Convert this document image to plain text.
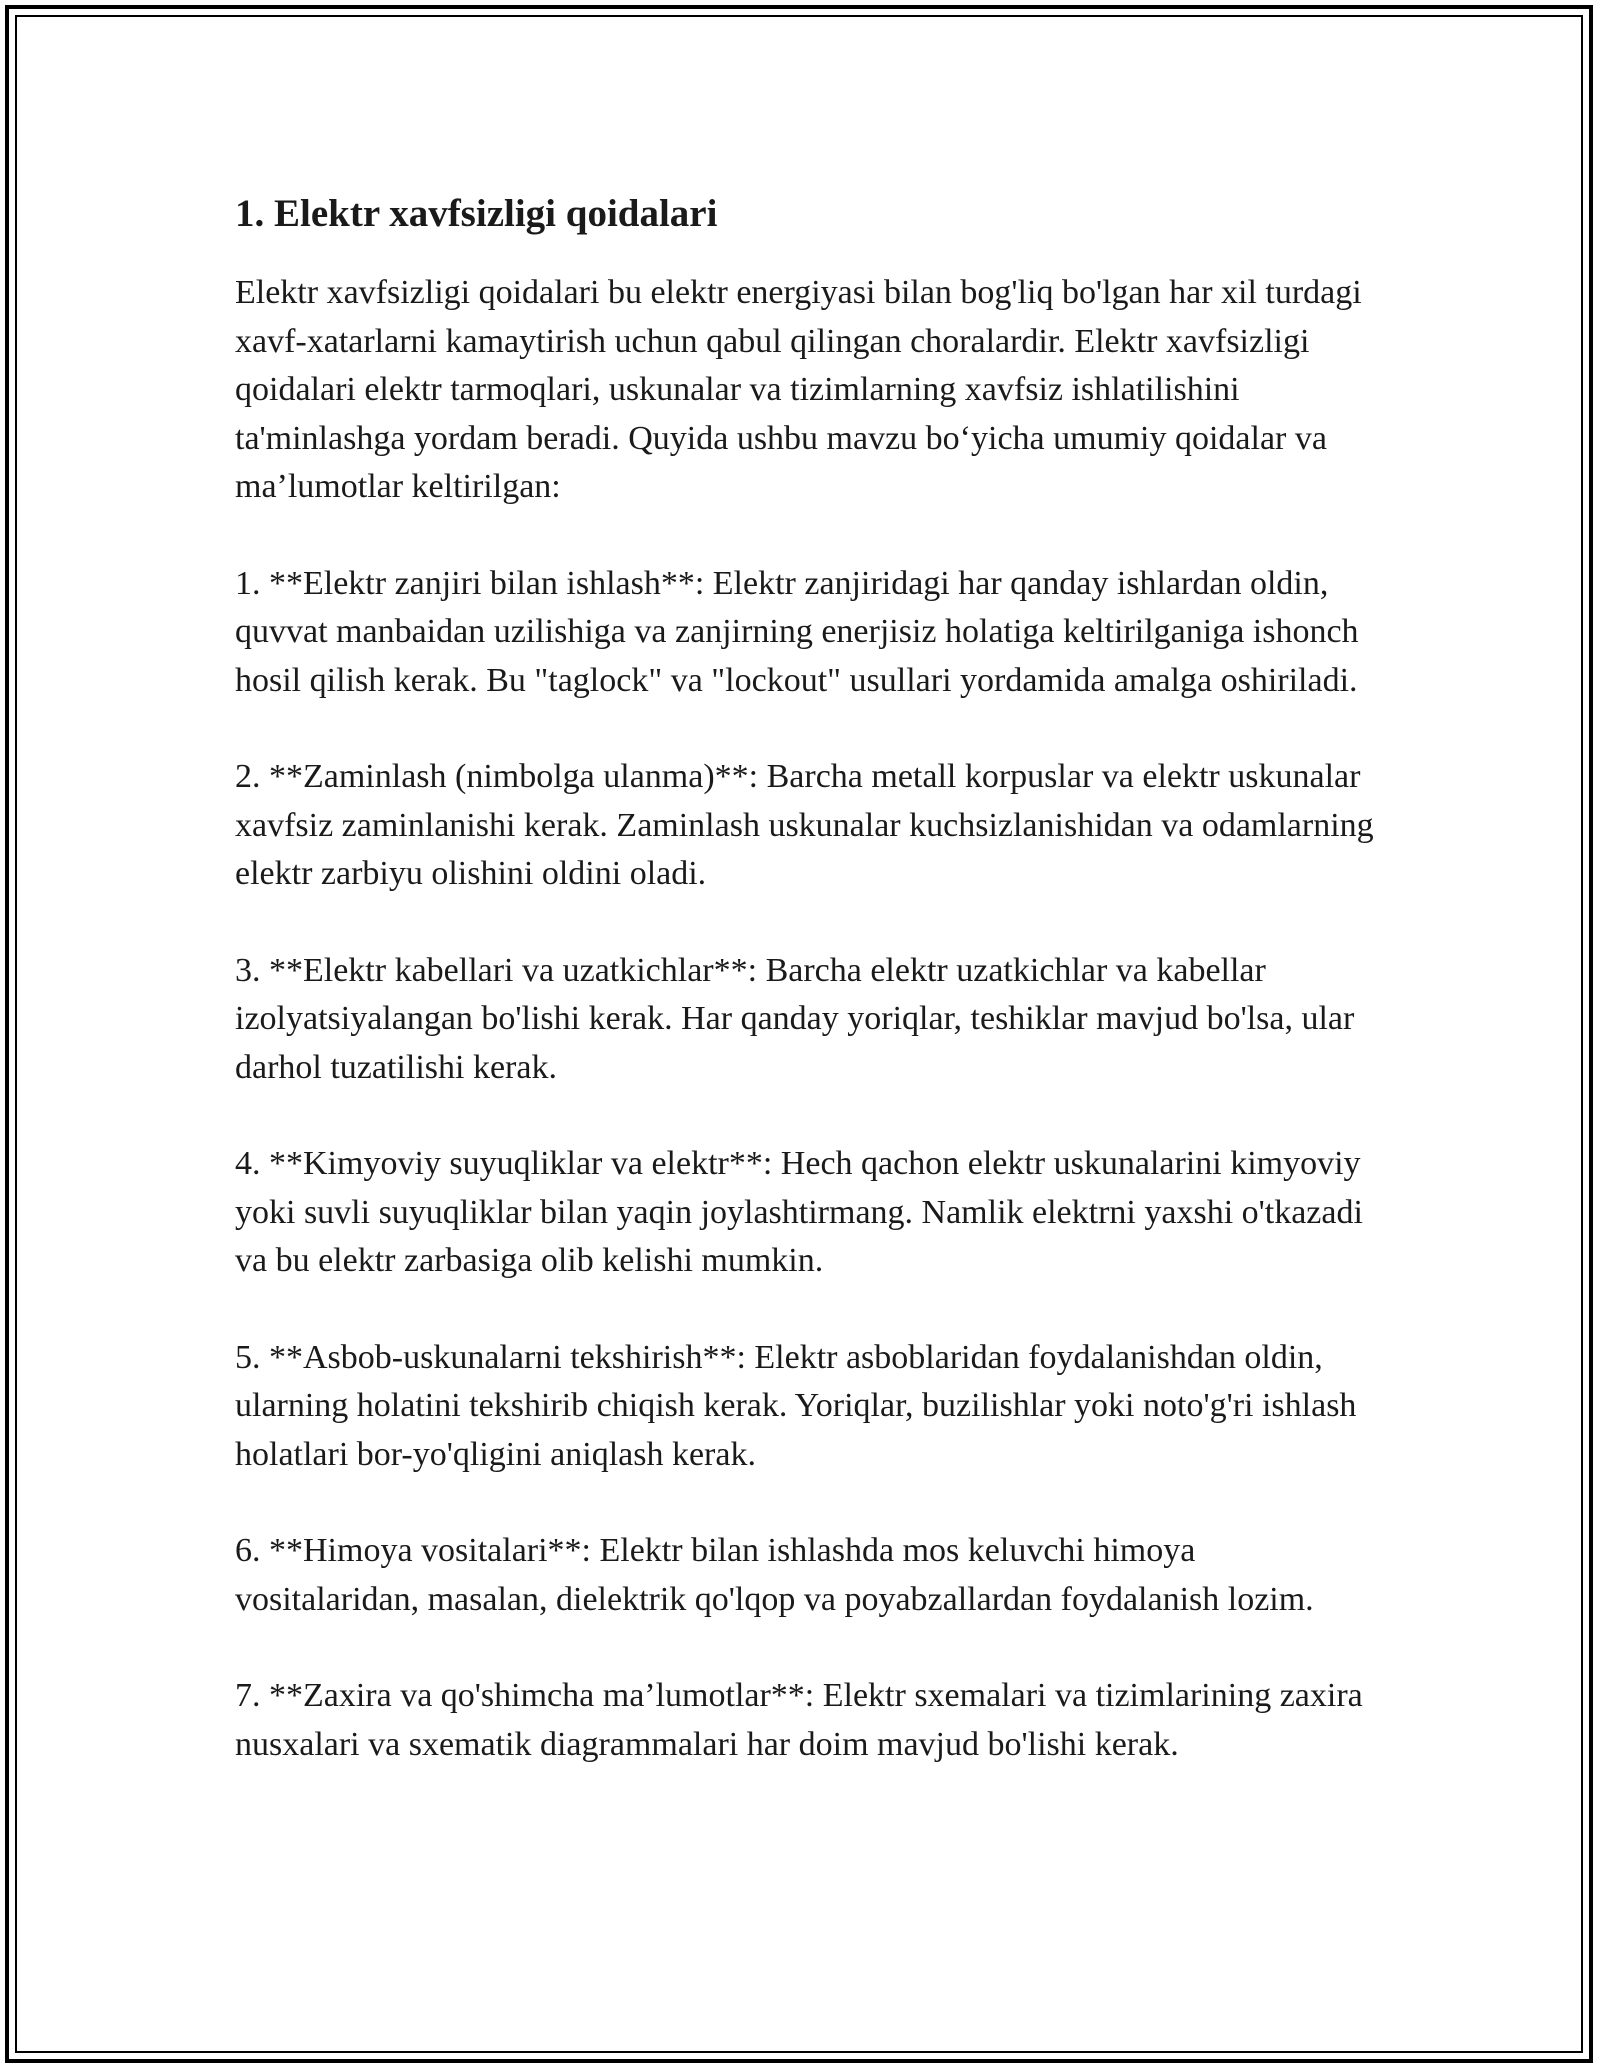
1. Elektr xavfsizligi qoidalari

Elektr xavfsizligi qoidalari bu elektr energiyasi bilan bog'liq bo'lgan har xil turdagi xavf-xatarlarni kamaytirish uchun qabul qilingan choralardir. Elektr xavfsizligi qoidalari elektr tarmoqlari, uskunalar va tizimlarning xavfsiz ishlatilishini ta'minlashga yordam beradi. Quyida ushbu mavzu bo‘yicha umumiy qoidalar va ma’lumotlar keltirilgan:

1. **Elektr zanjiri bilan ishlash**: Elektr zanjiridagi har qanday ishlardan oldin, quvvat manbaidan uzilishiga va zanjirning enerjisiz holatiga keltirilganiga ishonch hosil qilish kerak. Bu "taglock" va "lockout" usullari yordamida amalga oshiriladi.

2. **Zaminlash (nimbolga ulanma)**: Barcha metall korpuslar va elektr uskunalar xavfsiz zaminlanishi kerak. Zaminlash uskunalar kuchsizlanishidan va odamlarning elektr zarbiyu olishini oldini oladi.

3. **Elektr kabellari va uzatkichlar**: Barcha elektr uzatkichlar va kabellar izolyatsiyalangan bo'lishi kerak. Har qanday yoriqlar, teshiklar mavjud bo'lsa, ular darhol tuzatilishi kerak.

4. **Kimyoviy suyuqliklar va elektr**: Hech qachon elektr uskunalarini kimyoviy yoki suvli suyuqliklar bilan yaqin joylashtirmang. Namlik elektrni yaxshi o'tkazadi va bu elektr zarbasiga olib kelishi mumkin.

5. **Asbob-uskunalarni tekshirish**: Elektr asboblaridan foydalanishdan oldin, ularning holatini tekshirib chiqish kerak. Yoriqlar, buzilishlar yoki noto'g'ri ishlash holatlari bor-yo'qligini aniqlash kerak.

6. **Himoya vositalari**: Elektr bilan ishlashda mos keluvchi himoya vositalaridan, masalan, dielektrik qo'lqop va poyabzallardan foydalanish lozim.

7. **Zaxira va qo'shimcha ma’lumotlar**: Elektr sxemalari va tizimlarining zaxira nusxalari va sxematik diagrammalari har doim mavjud bo'lishi kerak.
